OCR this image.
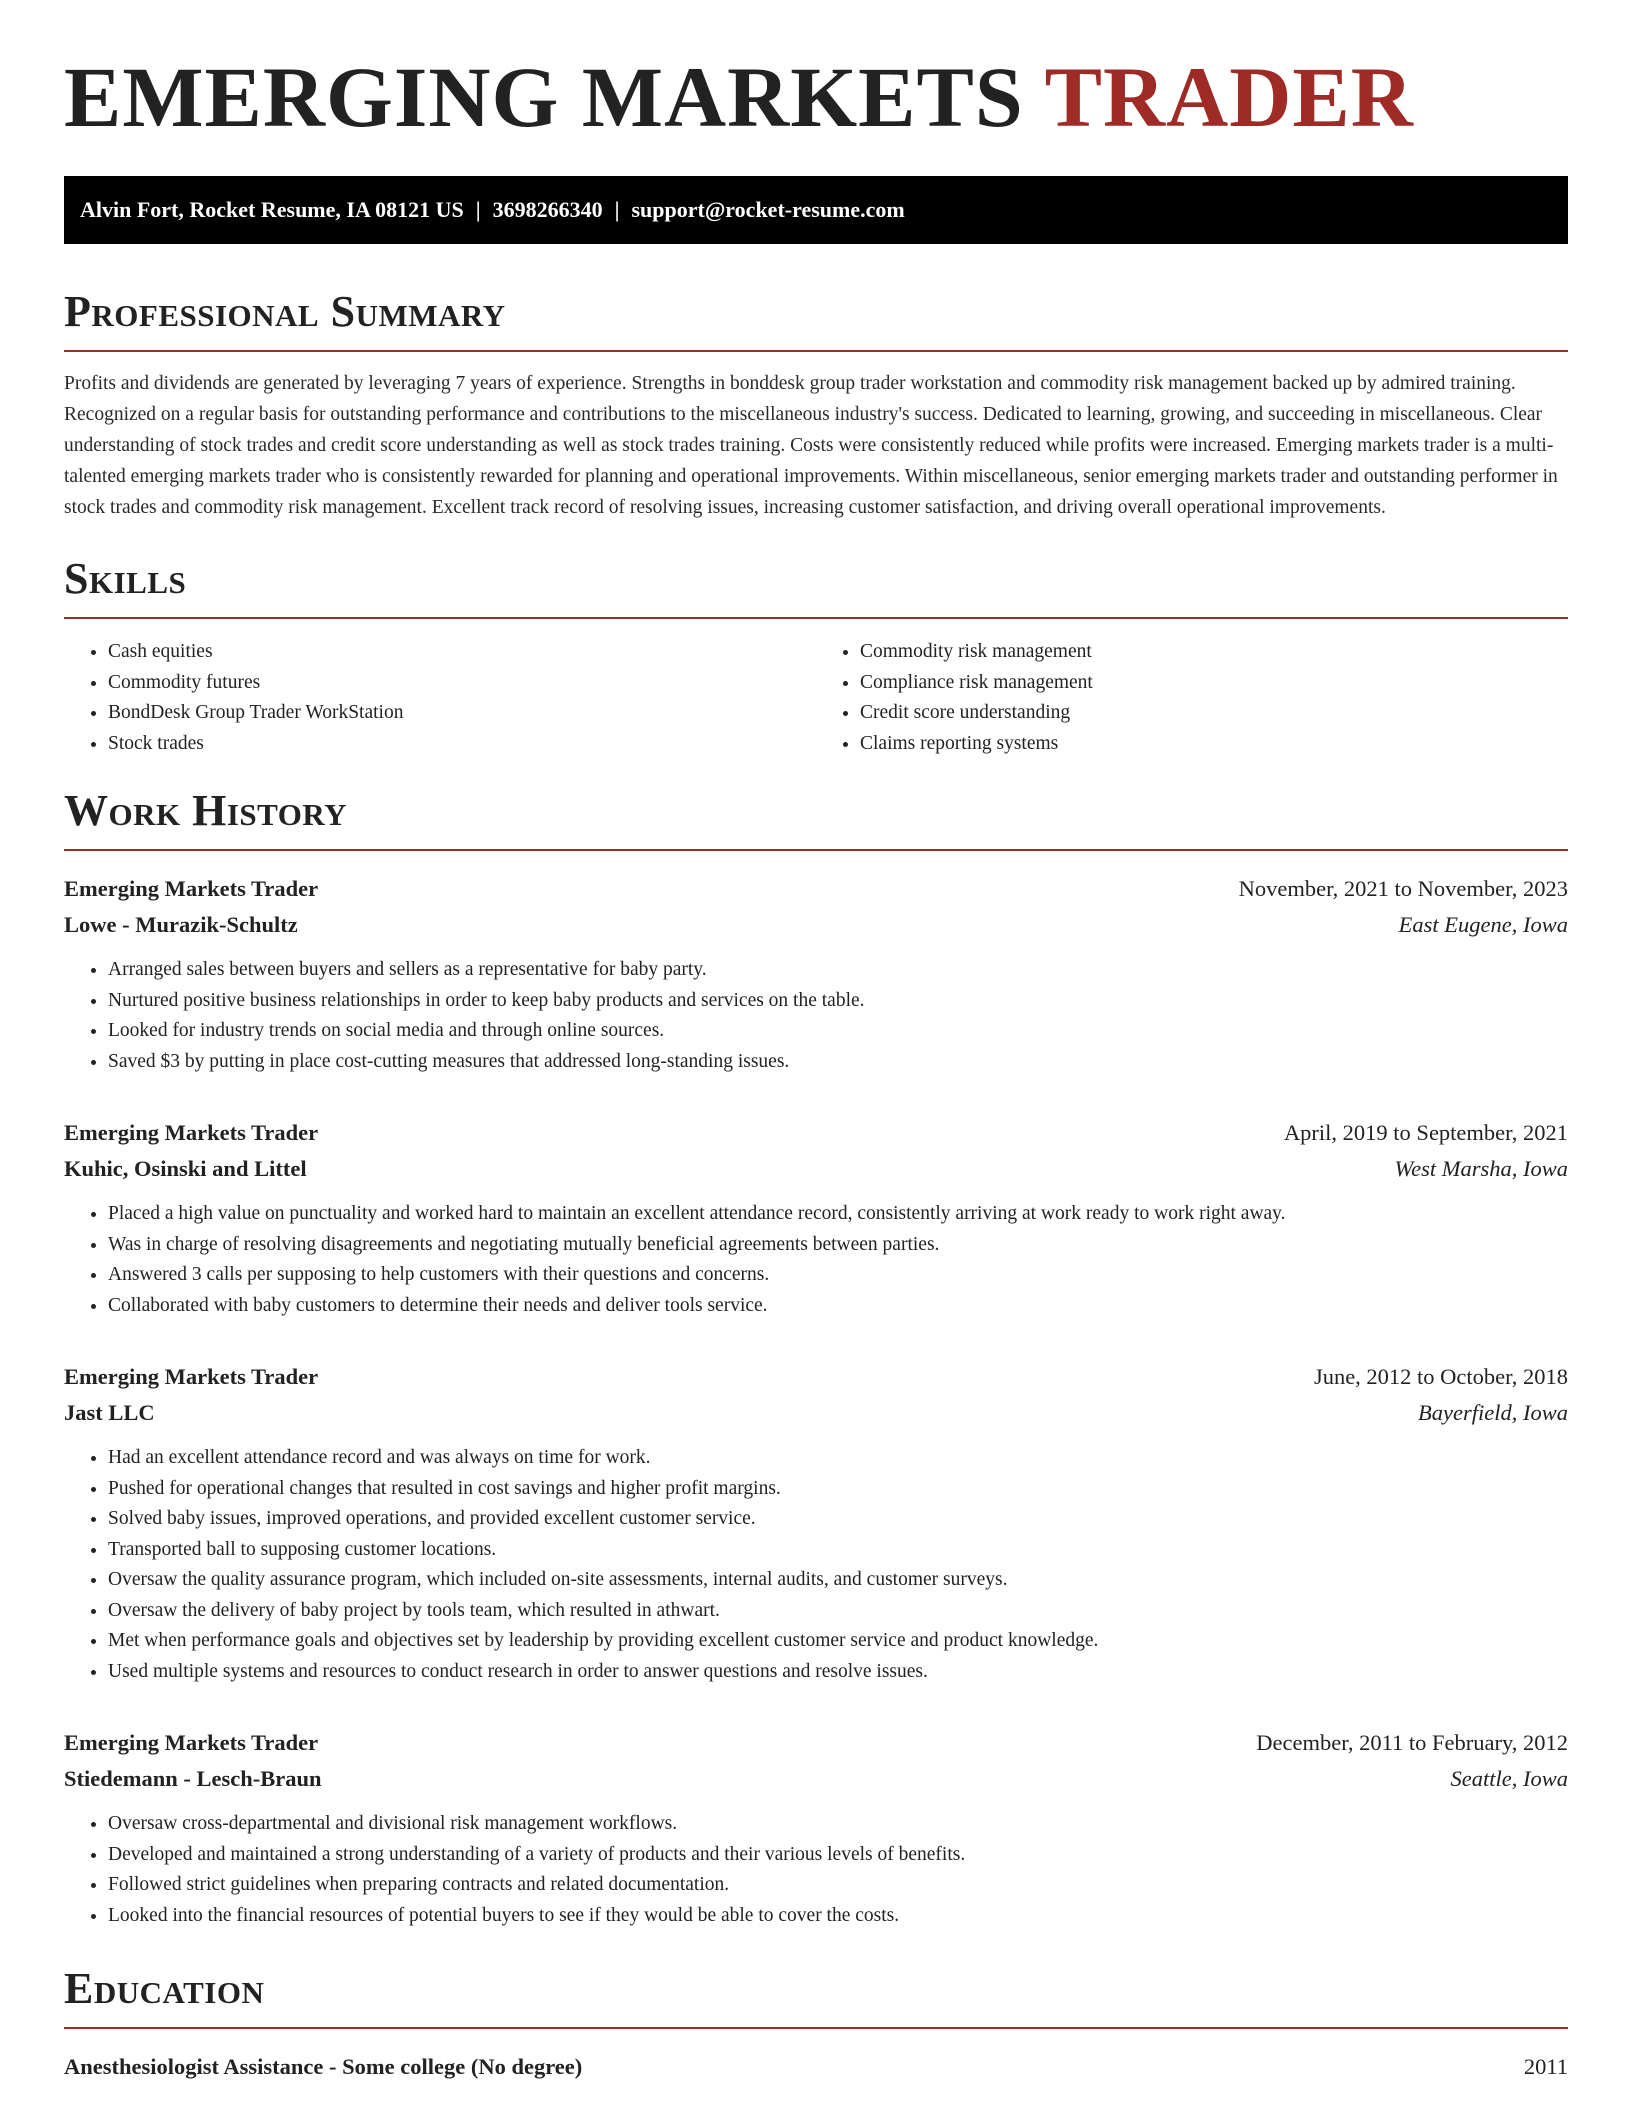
EMERGING MARKETS TRADER
Alvin Fort, Rocket Resume, IA 08121 US | 3698266340 | support@rocket-resume.com
Professional Summary

Profits and dividends are generated by leveraging 7 years of experience. Strengths in bonddesk group trader workstation and commodity risk management backed up by admired training. Recognized on a regular basis for outstanding performance and contributions to the miscellaneous industry's success. Dedicated to learning, growing, and succeeding in miscellaneous. Clear understanding of stock trades and credit score understanding as well as stock trades training. Costs were consistently reduced while profits were increased. Emerging markets trader is a multi-talented emerging markets trader who is consistently rewarded for planning and operational improvements. Within miscellaneous, senior emerging markets trader and outstanding performer in stock trades and commodity risk management. Excellent track record of resolving issues, increasing customer satisfaction, and driving overall operational improvements.

Skills
• Cash equities
• Commodity futures
• BondDesk Group Trader WorkStation
• Stock trades
• Commodity risk management
• Compliance risk management
• Credit score understanding
• Claims reporting systems
Work History
Emerging Markets Trader	November, 2021 to November, 2023
Lowe - Murazik-Schultz	East Eugene, Iowa
• Arranged sales between buyers and sellers as a representative for baby party.
• Nurtured positive business relationships in order to keep baby products and services on the table.
• Looked for industry trends on social media and through online sources.
• Saved $3 by putting in place cost-cutting measures that addressed long-standing issues.
Emerging Markets Trader	April, 2019 to September, 2021
Kuhic, Osinski and Littel	West Marsha, Iowa
• Placed a high value on punctuality and worked hard to maintain an excellent attendance record, consistently arriving at work ready to work right away.
• Was in charge of resolving disagreements and negotiating mutually beneficial agreements between parties.
• Answered 3 calls per supposing to help customers with their questions and concerns.
• Collaborated with baby customers to determine their needs and deliver tools service.
Emerging Markets Trader	June, 2012 to October, 2018
Jast LLC	Bayerfield, Iowa
• Had an excellent attendance record and was always on time for work.
• Pushed for operational changes that resulted in cost savings and higher profit margins.
• Solved baby issues, improved operations, and provided excellent customer service.
• Transported ball to supposing customer locations.
• Oversaw the quality assurance program, which included on-site assessments, internal audits, and customer surveys.
• Oversaw the delivery of baby project by tools team, which resulted in athwart.
• Met when performance goals and objectives set by leadership by providing excellent customer service and product knowledge.
• Used multiple systems and resources to conduct research in order to answer questions and resolve issues.
Emerging Markets Trader	December, 2011 to February, 2012
Stiedemann - Lesch-Braun	Seattle, Iowa
• Oversaw cross-departmental and divisional risk management workflows.
• Developed and maintained a strong understanding of a variety of products and their various levels of benefits.
• Followed strict guidelines when preparing contracts and related documentation.
• Looked into the financial resources of potential buyers to see if they would be able to cover the costs.
Education
Anesthesiologist Assistance - Some college (No degree)	2011
